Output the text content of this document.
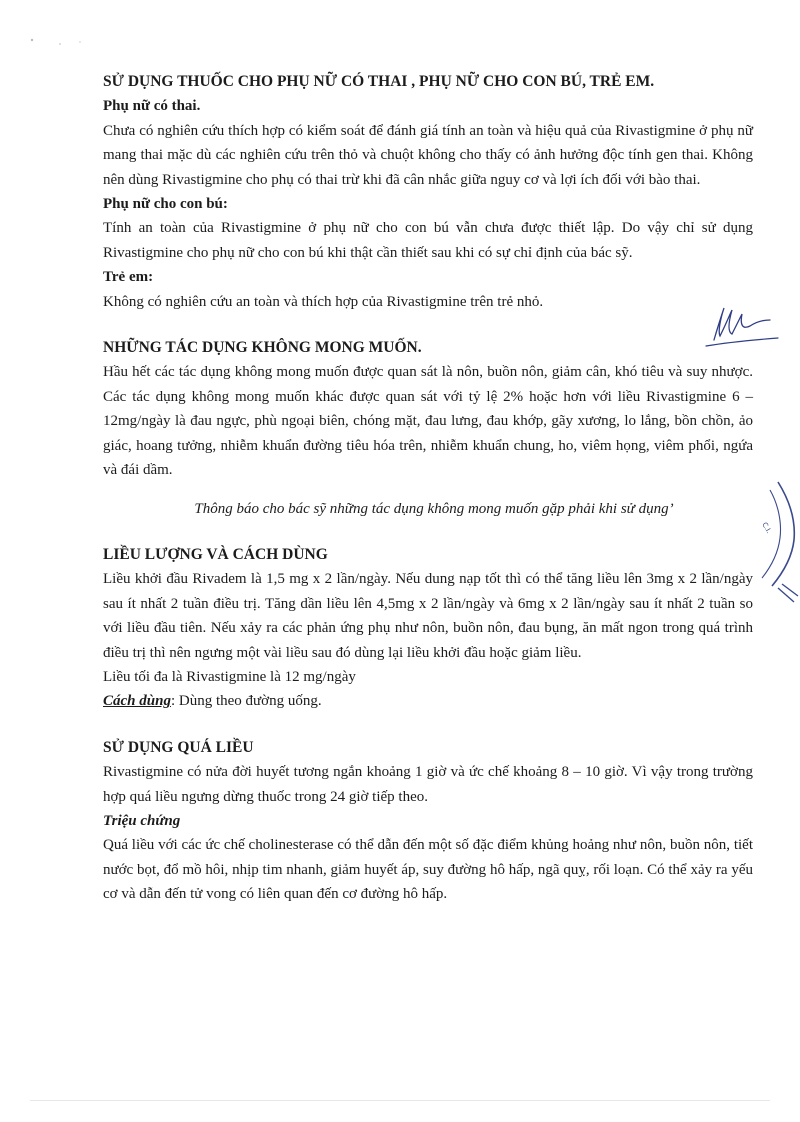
SỬ DỤNG THUỐC CHO PHỤ NỮ CÓ THAI , PHỤ NỮ CHO CON BÚ, TRẺ EM.
Phụ nữ có thai.

Chưa có nghiên cứu thích hợp có kiểm soát để đánh giá tính an toàn và hiệu quả của Rivastigmine ở phụ nữ mang thai mặc dù các nghiên cứu trên thỏ và chuột không cho thấy có ảnh hưởng độc tính gen thai. Không nên dùng Rivastigmine cho phụ có thai trừ khi đã cân nhắc giữa nguy cơ và lợi ích đối với bào thai.

Phụ nữ cho con bú:

Tính an toàn của Rivastigmine ở phụ nữ cho con bú vẫn chưa được thiết lập. Do vậy chỉ sử dụng Rivastigmine cho phụ nữ cho con bú khi thật cần thiết sau khi có sự chỉ định của bác sỹ.

Trẻ em:

Không có nghiên cứu an toàn và thích hợp của Rivastigmine trên trẻ nhỏ.

NHỮNG TÁC DỤNG KHÔNG MONG MUỐN.

Hầu hết các tác dụng không mong muốn được quan sát là nôn, buồn nôn, giảm cân, khó tiêu và suy nhược. Các tác dụng không mong muốn khác được quan sát với tỷ lệ 2% hoặc hơn với liều Rivastigmine 6 – 12mg/ngày là đau ngực, phù ngoại biên, chóng mặt, đau lưng, đau khớp, gãy xương, lo lắng, bồn chồn, ảo giác, hoang tưởng, nhiễm khuẩn đường tiêu hóa trên, nhiễm khuẩn chung, ho, viêm họng, viêm phổi, ngứa và đái dầm.

Thông báo cho bác sỹ những tác dụng không mong muốn gặp phải khi sử dụng’

LIỀU LƯỢNG VÀ CÁCH DÙNG

Liều khởi đầu Rivadem là 1,5 mg x 2 lần/ngày. Nếu dung nạp tốt thì có thể tăng liều lên 3mg x 2 lần/ngày sau ít nhất 2 tuần điều trị. Tăng dần liều lên 4,5mg x 2 lần/ngày và 6mg x 2 lần/ngày sau ít nhất 2 tuần so với liều đầu tiên. Nếu xảy ra các phản ứng phụ như nôn, buồn nôn, đau bụng, ăn mất ngon trong quá trình điều trị thì nên ngưng một vài liều sau đó dùng lại liều khởi đầu hoặc giảm liều.

Liều tối đa là Rivastigmine là 12 mg/ngày

Cách dùng: Dùng theo đường uống.

SỬ DỤNG QUÁ LIỀU

Rivastigmine có nửa đời huyết tương ngắn khoảng 1 giờ và ức chế khoảng 8 – 10 giờ. Vì vậy trong trường hợp quá liều ngưng dừng thuốc trong 24 giờ tiếp theo.

Triệu chứng

Quá liều với các ức chế cholinesterase có thể dẫn đến một số đặc điểm khủng hoảng như nôn, buồn nôn, tiết nước bọt, đổ mồ hôi, nhịp tim nhanh, giảm huyết áp, suy đường hô hấp, ngã quỵ, rối loạn. Có thể xảy ra yếu cơ và dẫn đến tử vong có liên quan đến cơ đường hô hấp.

C.I.
